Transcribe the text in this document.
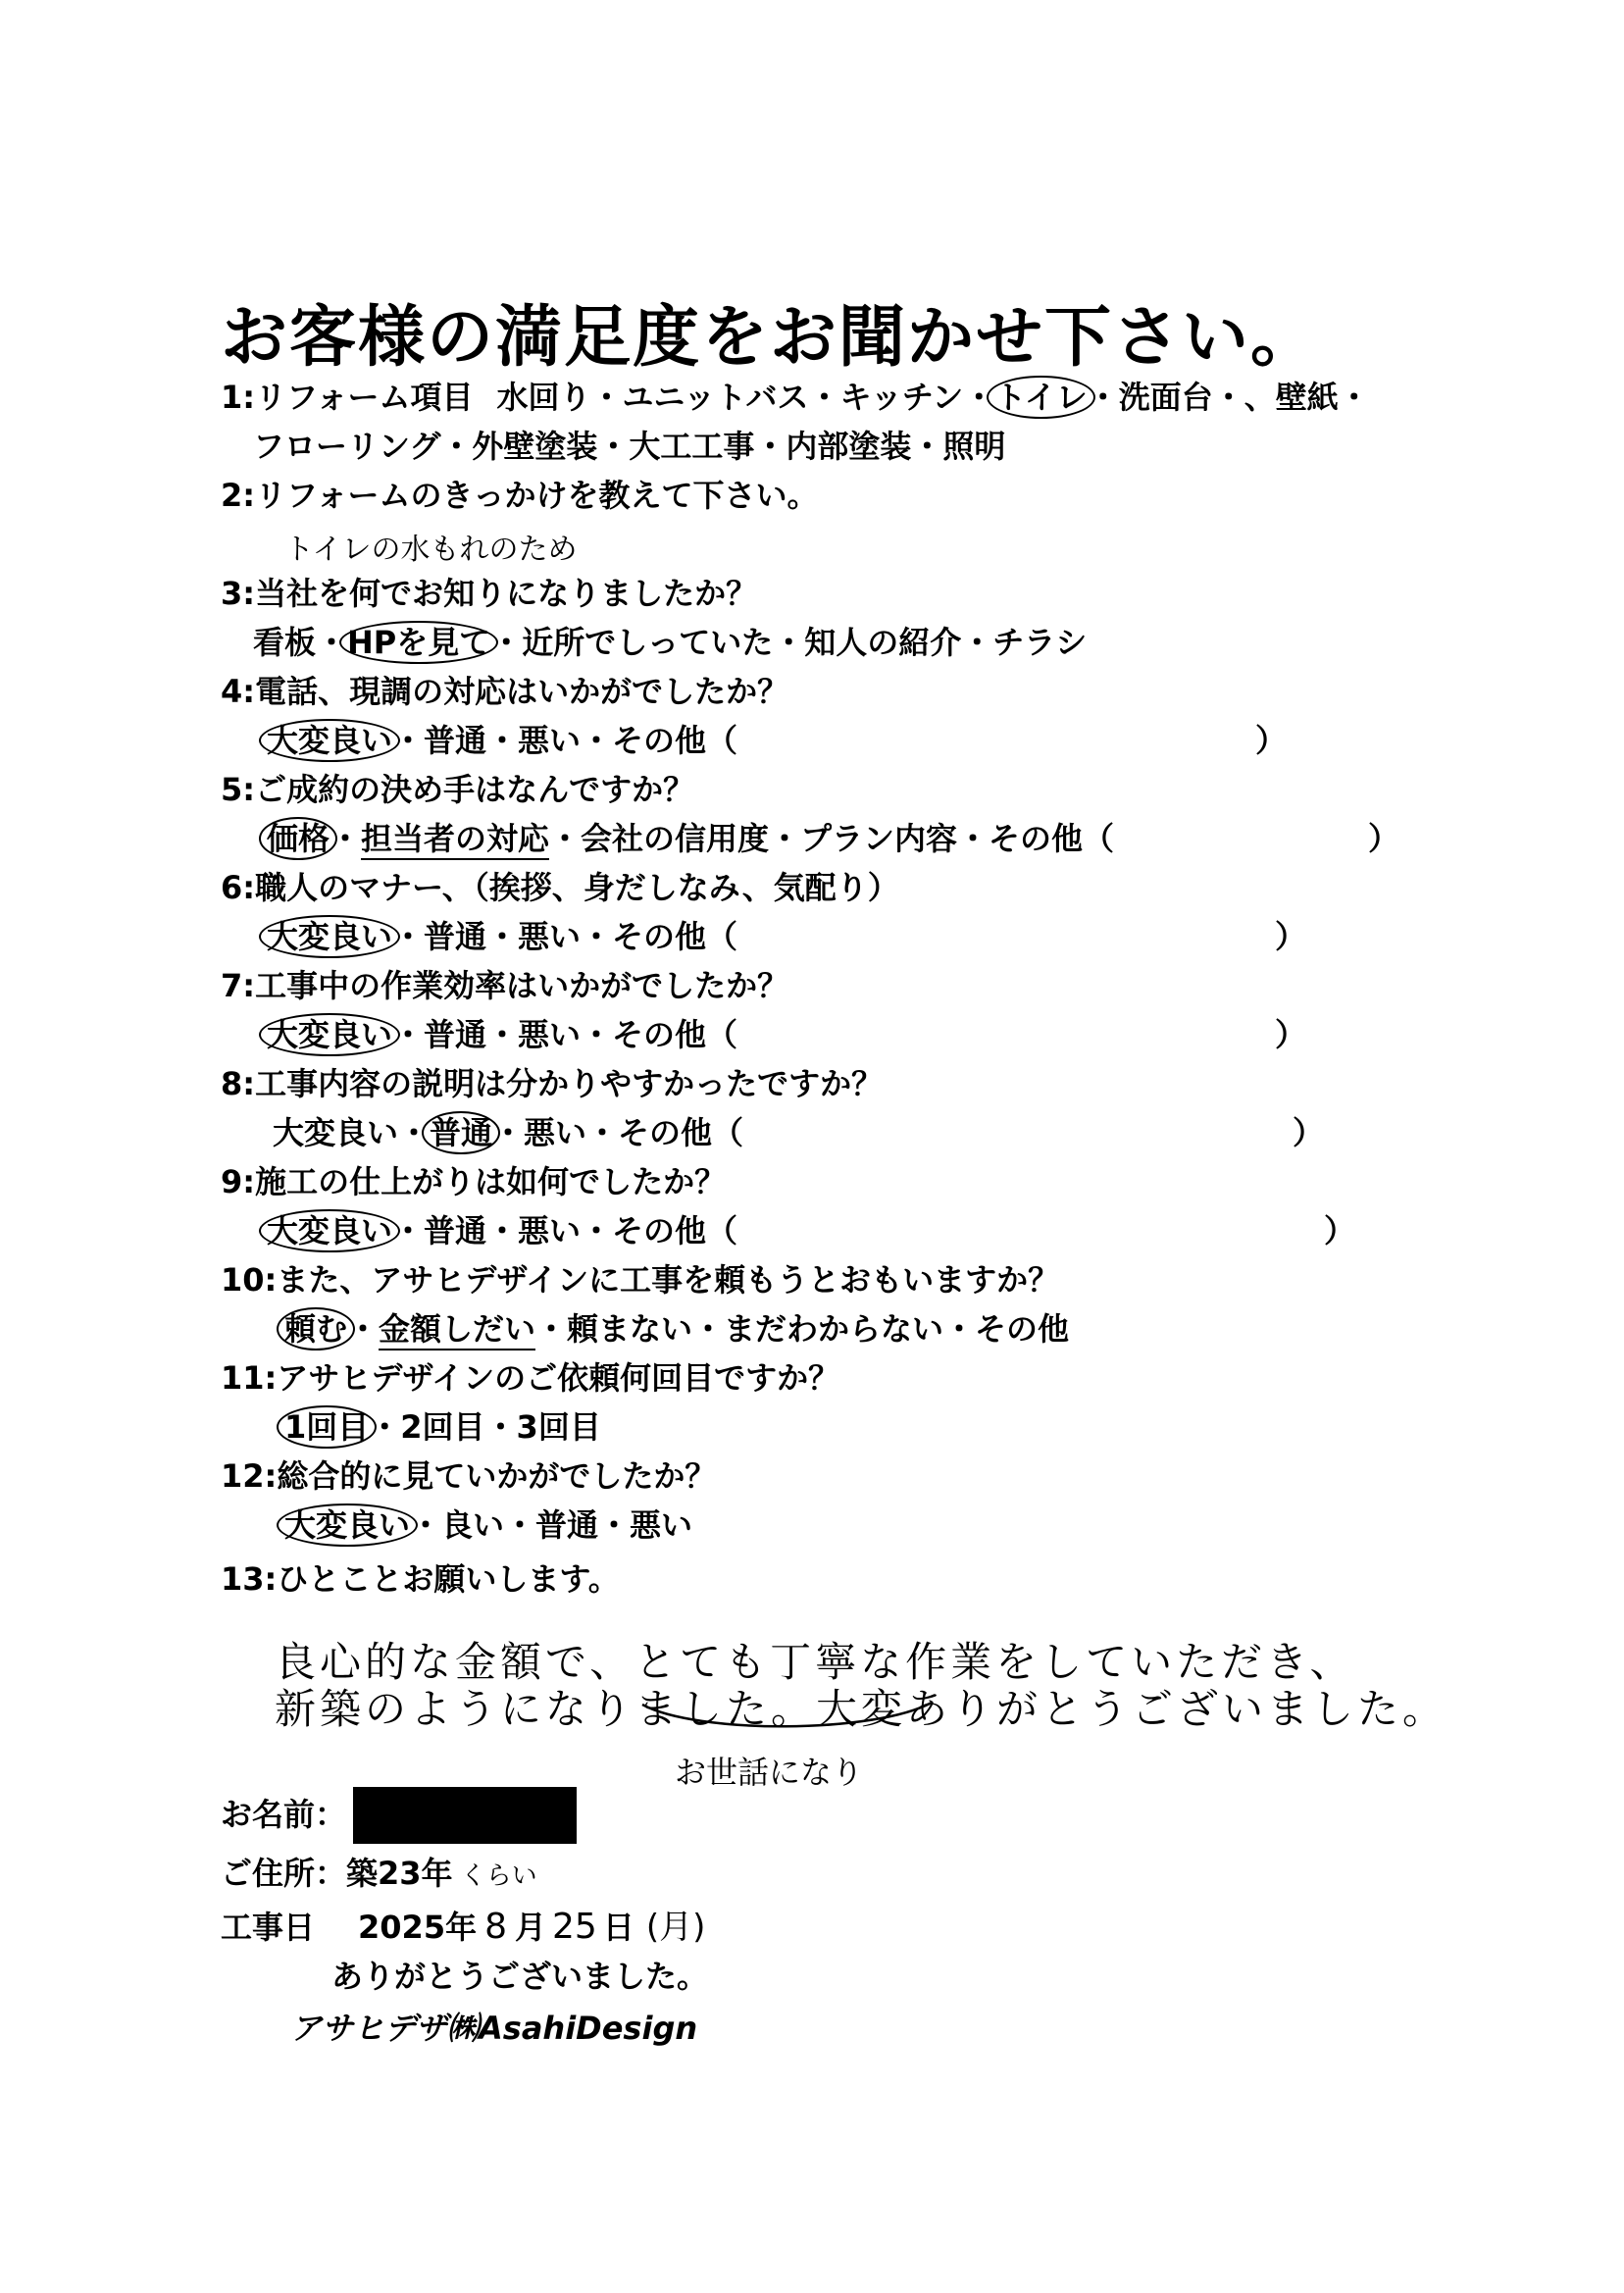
お客様の満足度をお聞かせ下さい。
1:リフォーム項目 水回り・ユニットバス・キッチン・トイレ・洗面台・、壁紙・
フローリング・外壁塗装・大工工事・内部塗装・照明
2:リフォームのきっかけを教えて下さい。
トイレの水もれのため
3:当社を何でお知りになりましたか？
看板・HPを見て・近所でしっていた・知人の紹介・チラシ
4:電話、現調の対応はいかがでしたか？
大変良い・普通・悪い・その他（	）
5:ご成約の決め手はなんですか？
価格・担当者の対応・会社の信用度・プラン内容・その他（	）
6:職人のマナー、（挨拶、身だしなみ、気配り）
大変良い・普通・悪い・その他（	）
7:工事中の作業効率はいかがでしたか？
大変良い・普通・悪い・その他（	）
8:工事内容の説明は分かりやすかったですか？
大変良い・普通・悪い・その他（	）
9:施工の仕上がりは如何でしたか？
大変良い・普通・悪い・その他（	）
10:また、アサヒデザインに工事を頼もうとおもいますか？
頼む・金額しだい・頼まない・まだわからない・その他
11:アサヒデザインのご依頼何回目ですか？
1回目・2回目・3回目
12:総合的に見ていかがでしたか？
大変良い・良い・普通・悪い
13:ひとことお願いします。
良心的な金額で、とても丁寧な作業をしていただき、
新築のようになりました。大変ありがとうございました。
お世話になり
お名前：
ご住所：築23年 くらい
工事日 2025年 8 月 25 日 (月)
ありがとうございました。
アサヒデザ㈱AsahiDesign
